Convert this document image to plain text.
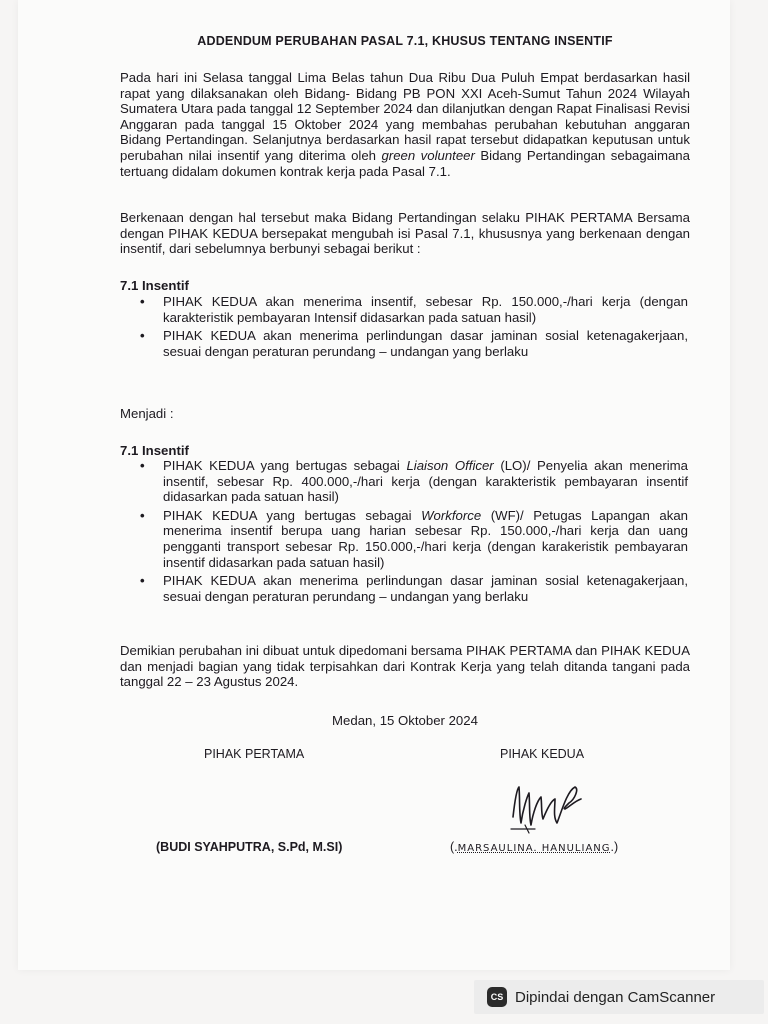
ADDENDUM PERUBAHAN PASAL 7.1, KHUSUS TENTANG INSENTIF

Pada hari ini Selasa tanggal Lima Belas tahun Dua Ribu Dua Puluh Empat berdasarkan hasil rapat yang dilaksanakan oleh Bidang- Bidang PB PON XXI Aceh-Sumut Tahun 2024 Wilayah Sumatera Utara pada tanggal 12 September 2024 dan dilanjutkan dengan Rapat Finalisasi Revisi Anggaran pada tanggal 15 Oktober 2024 yang membahas perubahan kebutuhan anggaran Bidang Pertandingan. Selanjutnya berdasarkan hasil rapat tersebut didapatkan keputusan untuk perubahan nilai insentif yang diterima oleh green volunteer Bidang Pertandingan sebagaimana tertuang didalam dokumen kontrak kerja pada Pasal 7.1.

Berkenaan dengan hal tersebut maka Bidang Pertandingan selaku PIHAK PERTAMA Bersama dengan PIHAK KEDUA bersepakat mengubah isi Pasal 7.1, khususnya yang berkenaan dengan insentif, dari sebelumnya berbunyi sebagai berikut :

7.1 Insentif
• PIHAK KEDUA akan menerima insentif, sebesar Rp. 150.000,-/hari kerja (dengan karakteristik pembayaran Intensif didasarkan pada satuan hasil)
• PIHAK KEDUA akan menerima perlindungan dasar jaminan sosial ketenagakerjaan, sesuai dengan peraturan perundang – undangan yang berlaku
Menjadi :
7.1 Insentif
• PIHAK KEDUA yang bertugas sebagai Liaison Officer (LO)/ Penyelia akan menerima insentif, sebesar Rp. 400.000,-/hari kerja (dengan karakteristik pembayaran insentif didasarkan pada satuan hasil)
• PIHAK KEDUA yang bertugas sebagai Workforce (WF)/ Petugas Lapangan akan menerima insentif berupa uang harian sebesar Rp. 150.000,-/hari kerja dan uang pengganti transport sebesar Rp. 150.000,-/hari kerja (dengan karakeristik pembayaran insentif didasarkan pada satuan hasil)
• PIHAK KEDUA akan menerima perlindungan dasar jaminan sosial ketenagakerjaan, sesuai dengan peraturan perundang – undangan yang berlaku

Demikian perubahan ini dibuat untuk dipedomani bersama PIHAK PERTAMA dan PIHAK KEDUA dan menjadi bagian yang tidak terpisahkan dari Kontrak Kerja yang telah ditanda tangani pada tanggal 22 – 23 Agustus 2024.

Medan, 15 Oktober 2024
PIHAK PERTAMA	PIHAK KEDUA
(BUDI SYAHPUTRA, S.Pd, M.SI)	(.MARSAULINA. HANULIANG.)
CS Dipindai dengan CamScanner
